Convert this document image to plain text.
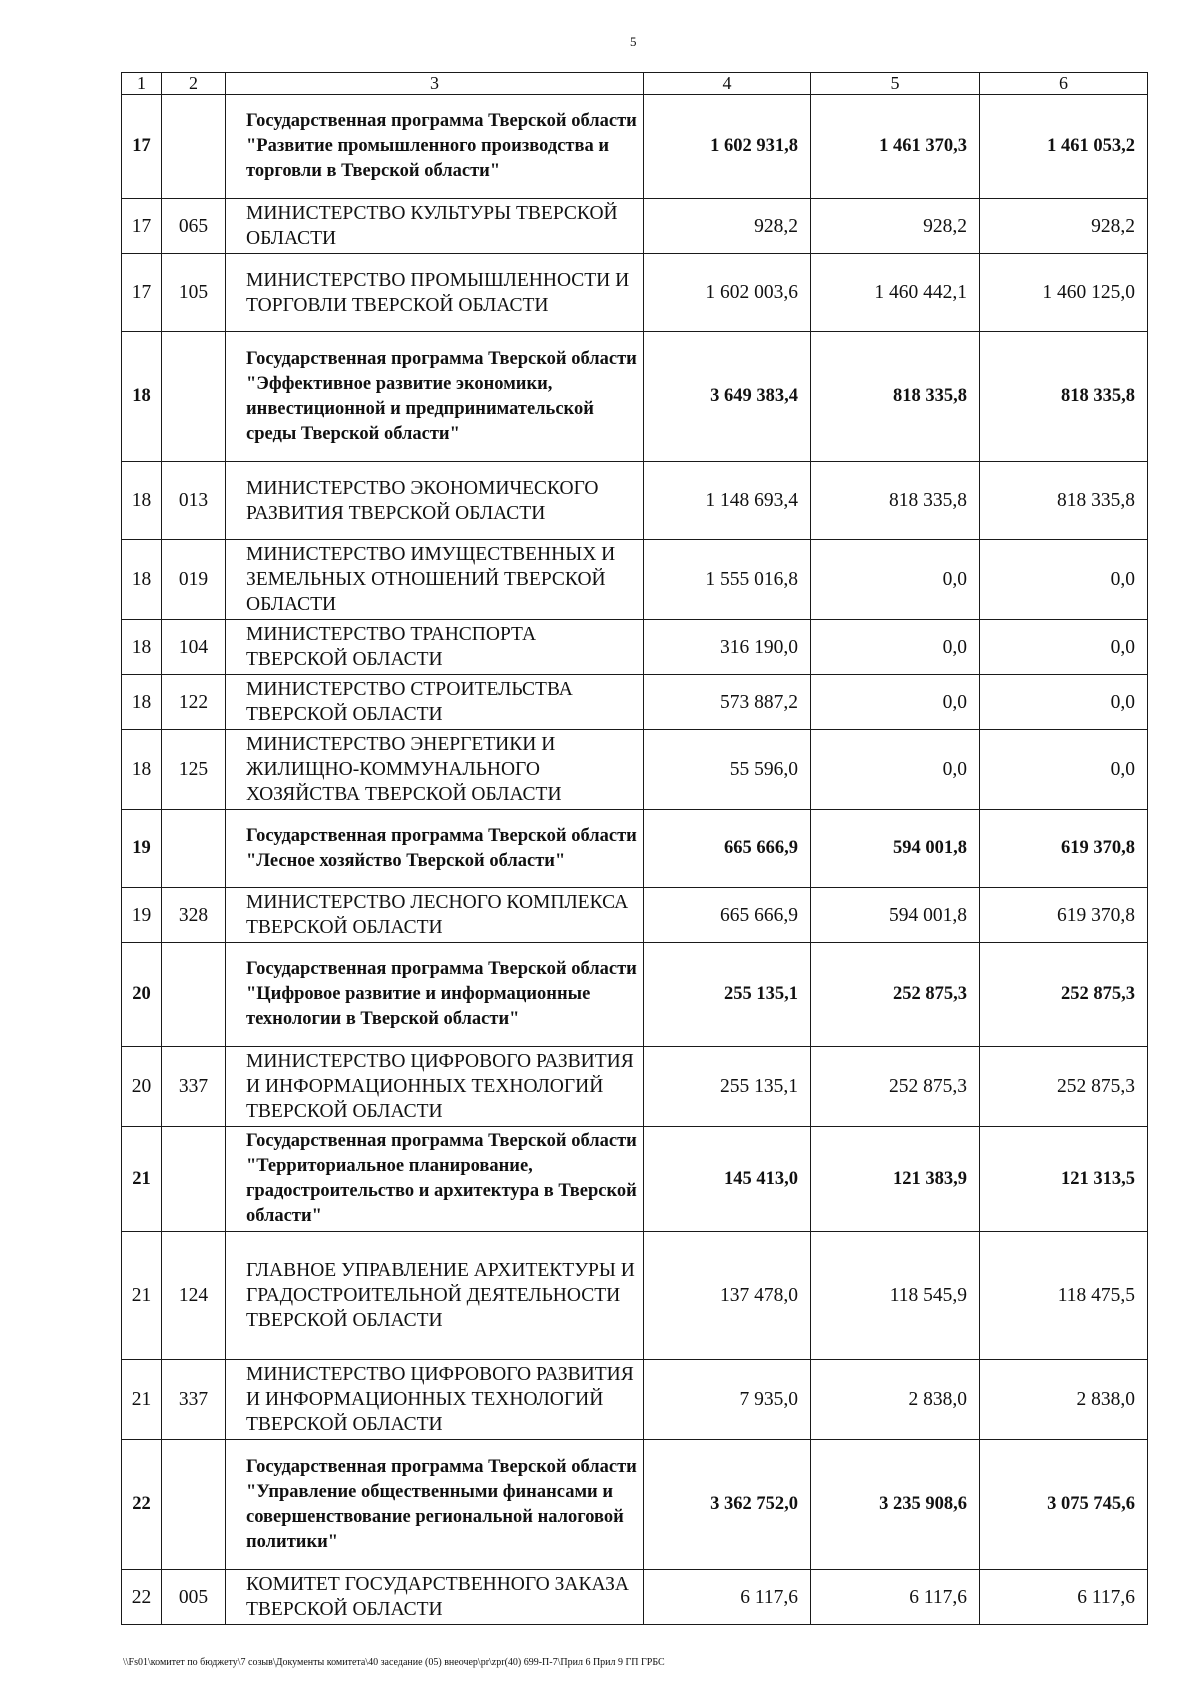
5
1	2	3	4	5	6
17		Государственная программа Тверской области "Развитие промышленного производства и торговли в Тверской области"	1 602 931,8	1 461 370,3	1 461 053,2
17	065	МИНИСТЕРСТВО КУЛЬТУРЫ ТВЕРСКОЙ ОБЛАСТИ	928,2	928,2	928,2
17	105	МИНИСТЕРСТВО ПРОМЫШЛЕННОСТИ И ТОРГОВЛИ ТВЕРСКОЙ ОБЛАСТИ	1 602 003,6	1 460 442,1	1 460 125,0
18		Государственная программа Тверской области "Эффективное развитие экономики, инвестиционной и предпринимательской среды Тверской области"	3 649 383,4	818 335,8	818 335,8
18	013	МИНИСТЕРСТВО ЭКОНОМИЧЕСКОГО РАЗВИТИЯ ТВЕРСКОЙ ОБЛАСТИ	1 148 693,4	818 335,8	818 335,8
18	019	МИНИСТЕРСТВО ИМУЩЕСТВЕННЫХ И ЗЕМЕЛЬНЫХ ОТНОШЕНИЙ ТВЕРСКОЙ ОБЛАСТИ	1 555 016,8	0,0	0,0
18	104	МИНИСТЕРСТВО ТРАНСПОРТА ТВЕРСКОЙ ОБЛАСТИ	316 190,0	0,0	0,0
18	122	МИНИСТЕРСТВО СТРОИТЕЛЬСТВА ТВЕРСКОЙ ОБЛАСТИ	573 887,2	0,0	0,0
18	125	МИНИСТЕРСТВО ЭНЕРГЕТИКИ И ЖИЛИЩНО-КОММУНАЛЬНОГО ХОЗЯЙСТВА ТВЕРСКОЙ ОБЛАСТИ	55 596,0	0,0	0,0
19		Государственная программа Тверской области "Лесное хозяйство Тверской области"	665 666,9	594 001,8	619 370,8
19	328	МИНИСТЕРСТВО ЛЕСНОГО КОМПЛЕКСА ТВЕРСКОЙ ОБЛАСТИ	665 666,9	594 001,8	619 370,8
20		Государственная программа Тверской области "Цифровое развитие и информационные технологии в Тверской области"	255 135,1	252 875,3	252 875,3
20	337	МИНИСТЕРСТВО ЦИФРОВОГО РАЗВИТИЯ И ИНФОРМАЦИОННЫХ ТЕХНОЛОГИЙ ТВЕРСКОЙ ОБЛАСТИ	255 135,1	252 875,3	252 875,3
21		Государственная программа Тверской области "Территориальное планирование, градостроительство и архитектура в Тверской области"	145 413,0	121 383,9	121 313,5
21	124	ГЛАВНОЕ УПРАВЛЕНИЕ АРХИТЕКТУРЫ И ГРАДОСТРОИТЕЛЬНОЙ ДЕЯТЕЛЬНОСТИ ТВЕРСКОЙ ОБЛАСТИ	137 478,0	118 545,9	118 475,5
21	337	МИНИСТЕРСТВО ЦИФРОВОГО РАЗВИТИЯ И ИНФОРМАЦИОННЫХ ТЕХНОЛОГИЙ ТВЕРСКОЙ ОБЛАСТИ	7 935,0	2 838,0	2 838,0
22		Государственная программа Тверской области "Управление общественными финансами и совершенствование региональной налоговой политики"	3 362 752,0	3 235 908,6	3 075 745,6
22	005	КОМИТЕТ ГОСУДАРСТВЕННОГО ЗАКАЗА ТВЕРСКОЙ ОБЛАСТИ	6 117,6	6 117,6	6 117,6
\\Fs01\комитет по бюджету\7 созыв\Документы комитета\40 заседание (05) внеочер\pr\zpr(40) 699-П-7\Прил 6 Прил 9 ГП ГРБС
